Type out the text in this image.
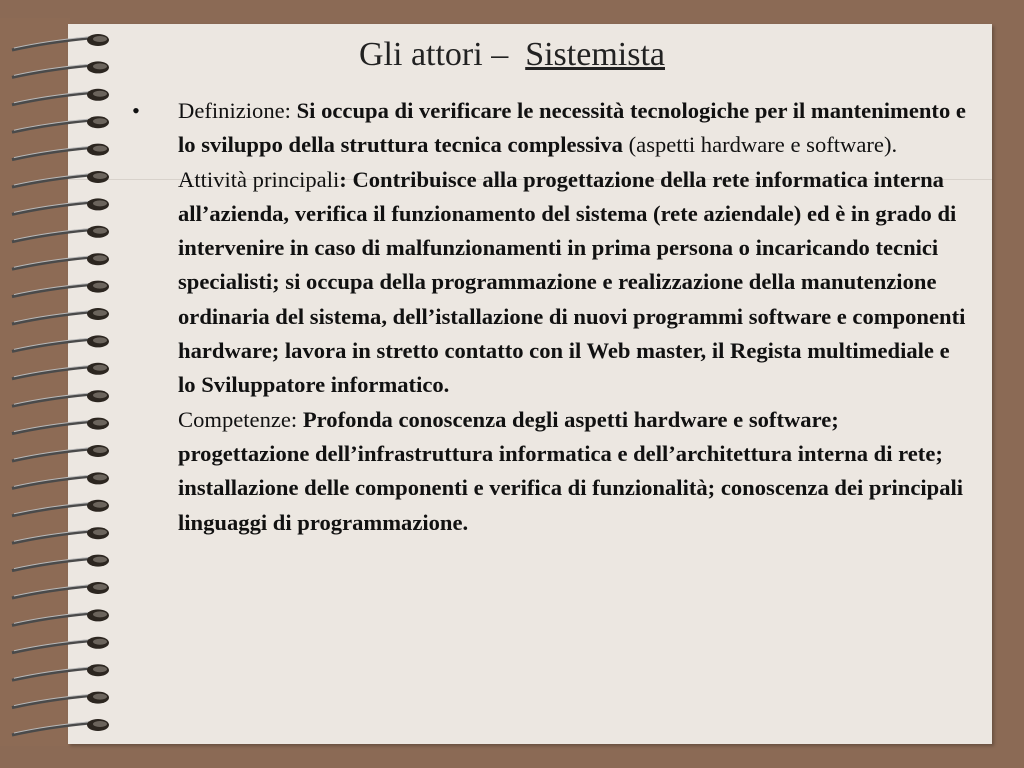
Gli attori – Sistemista
•	Definizione: Si occupa di verificare le necessità tecnologiche per il mantenimento e lo sviluppo della struttura tecnica complessiva (aspetti hardware e software).

Attività principali: Contribuisce alla progettazione della rete informatica interna all’azienda, verifica il funzionamento del sistema (rete aziendale) ed è in grado di intervenire in caso di malfunzionamenti in prima persona o incaricando tecnici specialisti; si occupa della programmazione e realizzazione della manutenzione ordinaria del sistema, dell’istallazione di nuovi programmi software e componenti hardware; lavora in stretto contatto con il Web master, il Regista multimediale e lo Sviluppatore informatico.

Competenze: Profonda conoscenza degli aspetti hardware e software; progettazione dell’infrastruttura informatica e dell’architettura interna di rete; installazione delle componenti e verifica di funzionalità; conoscenza dei principali linguaggi di programmazione.
